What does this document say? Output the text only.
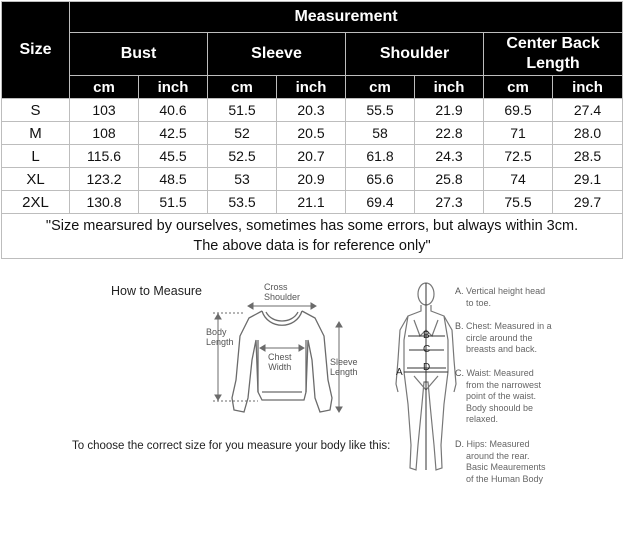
Size	Measurement							
	Bust		Sleeve		Shoulder		Center Back Length	
	cm	inch	cm	inch	cm	inch	cm	inch
S	103	40.6	51.5	20.3	55.5	21.9	69.5	27.4
M	108	42.5	52	20.5	58	22.8	71	28.0
L	115.6	45.5	52.5	20.7	61.8	24.3	72.5	28.5
XL	123.2	48.5	53	20.9	65.6	25.8	74	29.1
2XL	130.8	51.5	53.5	21.1	69.4	27.3	75.5	29.7
"Size mearsured by ourselves, sometimes has some errors, but always within 3cm.
The above data is for reference only"								
How to Measure	Cross
Shoulder
Body
Length
Chest
Width	Sleeve
Length	A
B
C
D
To choose the correct size for you measure your body like this:
A. Vertical height head
to toe.
B. Chest: Measured in a
circle around the
breasts and back.
C. Waist: Measured
from the narrowest
point of the waist.
Body shoould be
relaxed.
D. Hips: Measured
around the rear.
Basic Meaurements
of the Human Body
